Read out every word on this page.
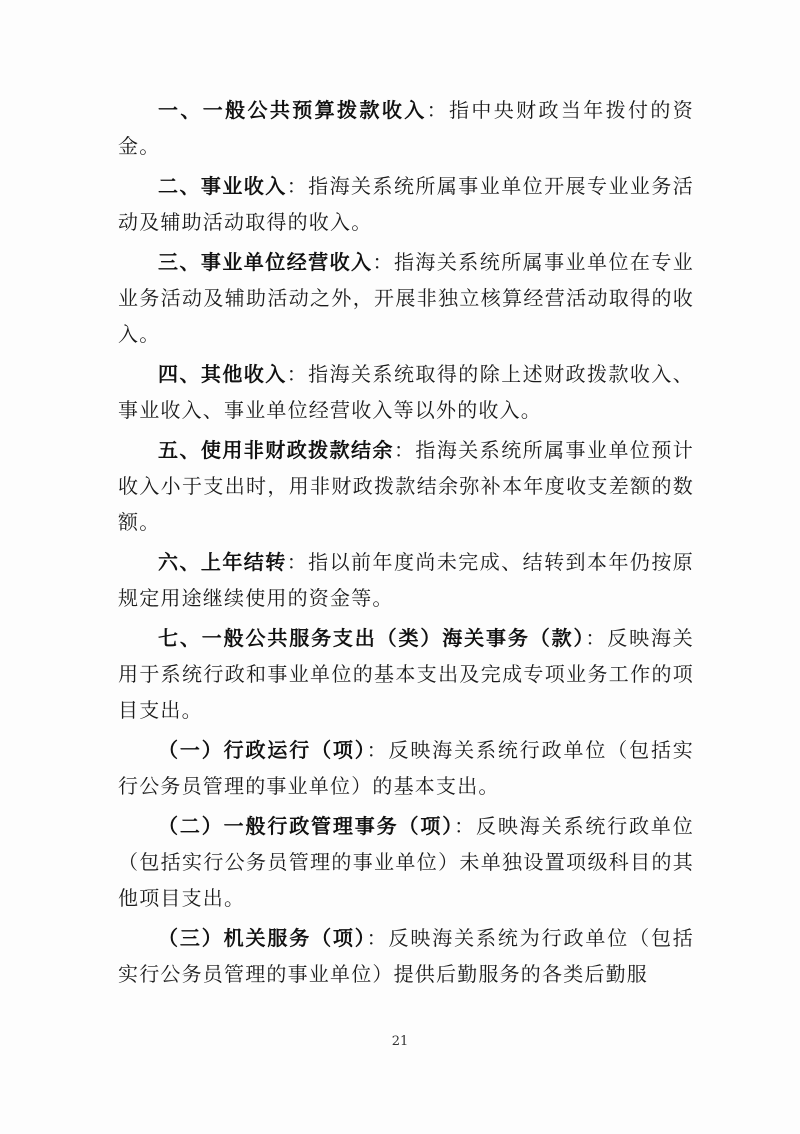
一、一般公共预算拨款收入：指中央财政当年拨付的资金。

二、事业收入：指海关系统所属事业单位开展专业业务活动及辅助活动取得的收入。

三、事业单位经营收入：指海关系统所属事业单位在专业业务活动及辅助活动之外，开展非独立核算经营活动取得的收入。

四、其他收入：指海关系统取得的除上述财政拨款收入、事业收入、事业单位经营收入等以外的收入。

五、使用非财政拨款结余：指海关系统所属事业单位预计收入小于支出时，用非财政拨款结余弥补本年度收支差额的数额。

六、上年结转：指以前年度尚未完成、结转到本年仍按原规定用途继续使用的资金等。

七、一般公共服务支出（类）海关事务（款）：反映海关用于系统行政和事业单位的基本支出及完成专项业务工作的项目支出。

（一）行政运行（项）：反映海关系统行政单位（包括实行公务员管理的事业单位）的基本支出。

（二）一般行政管理事务（项）：反映海关系统行政单位（包括实行公务员管理的事业单位）未单独设置项级科目的其他项目支出。

（三）机关服务（项）：反映海关系统为行政单位（包括实行公务员管理的事业单位）提供后勤服务的各类后勤服

21
